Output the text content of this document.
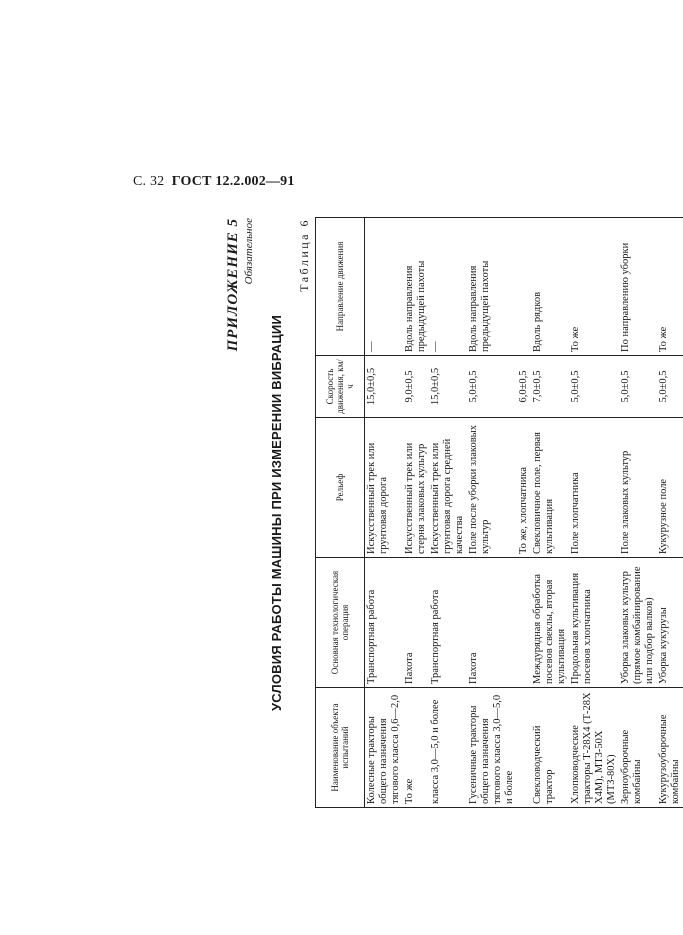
С. 32 ГОСТ 12.2.002—91
ПРИЛОЖЕНИЕ 5 Обязательное
УСЛОВИЯ РАБОТЫ МАШИНЫ ПРИ ИЗМЕРЕНИИ ВИБРАЦИИ
Таблица 6
Наименование объекта испытаний	Основная технологическая операция	Рельеф	Скорость движения, км/ч	Направление движения
Колесные тракторы общего назначения тягового класса 0,6—2,0	Транспортная работа	Искусственный трек или грунтовая дорога	15,0±0,5	—
То же	Пахота	Искусственный трек или стерня злаковых культур	9,0±0,5	Вдоль направления предыдущей пахоты
класса 3,0—5,0 и более	Транспортная работа	Искусственный трек или грунтовая дорога средней качества	15,0±0,5	—
Гусеничные тракторы общего назначения тягового класса 3,0—5,0 и более	Пахота	Поле после уборки злаковых культур	5,0±0,5	Вдоль направления предыдущей пахоты
		То же, хлопчатника	6,0±0,5	
Свекловодческий трактор	Междурядная обработка посевов свеклы, вторая культивация	Свекловичное поле, первая культивация	7,0±0,5	Вдоль рядков
Хлопководческие тракторы Т-28Х4 (Т-28Х Х4М), МТЗ-50Х (МТЗ-80Х)	Продольная культивация посевов хлопчатника	Поле хлопчатника	5,0±0,5	То же
Зерноуборочные комбайны	Уборка злаковых культур (прямое комбайнирование или подбор валков)	Поле злаковых культур	5,0±0,5	По направлению уборки
Кукурузоуборочные комбайны	Уборка кукурузы	Кукурузное поле	5,0±0,5	То же
